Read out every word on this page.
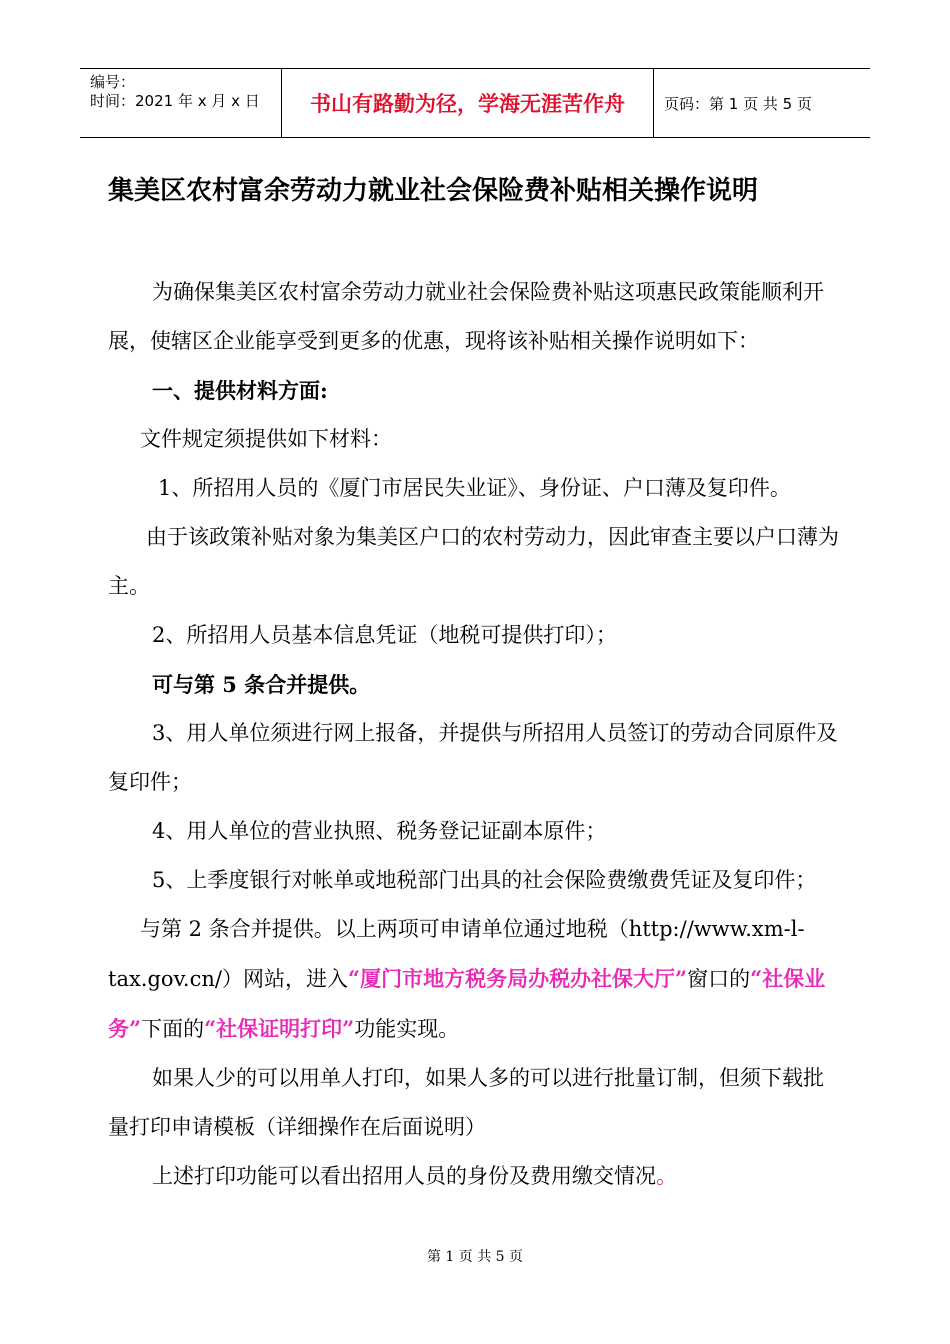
编号：
时间：2021 年 x 月 x 日	书山有路勤为径，学海无涯苦作舟	页码：第 1 页 共 5 页
集美区农村富余劳动力就业社会保险费补贴相关操作说明

为确保集美区农村富余劳动力就业社会保险费补贴这项惠民政策能顺利开展，使辖区企业能享受到更多的优惠，现将该补贴相关操作说明如下：

一、提供材料方面:

文件规定须提供如下材料：

1、所招用人员的《厦门市居民失业证》、身份证、户口薄及复印件。

由于该政策补贴对象为集美区户口的农村劳动力，因此审查主要以户口薄为主。

2、所招用人员基本信息凭证（地税可提供打印）；

可与第 5 条合并提供。

3、用人单位须进行网上报备，并提供与所招用人员签订的劳动合同原件及复印件；

4、用人单位的营业执照、税务登记证副本原件；

5、上季度银行对帐单或地税部门出具的社会保险费缴费凭证及复印件；

与第 2 条合并提供。以上两项可申请单位通过地税（http://www.xm-l-tax.gov.cn/）网站，进入“厦门市地方税务局办税办社保大厅”窗口的“社保业务”下面的“社保证明打印”功能实现。

如果人少的可以用单人打印，如果人多的可以进行批量订制，但须下载批量打印申请模板（详细操作在后面说明）

上述打印功能可以看出招用人员的身份及费用缴交情况。

第 1 页 共 5 页
